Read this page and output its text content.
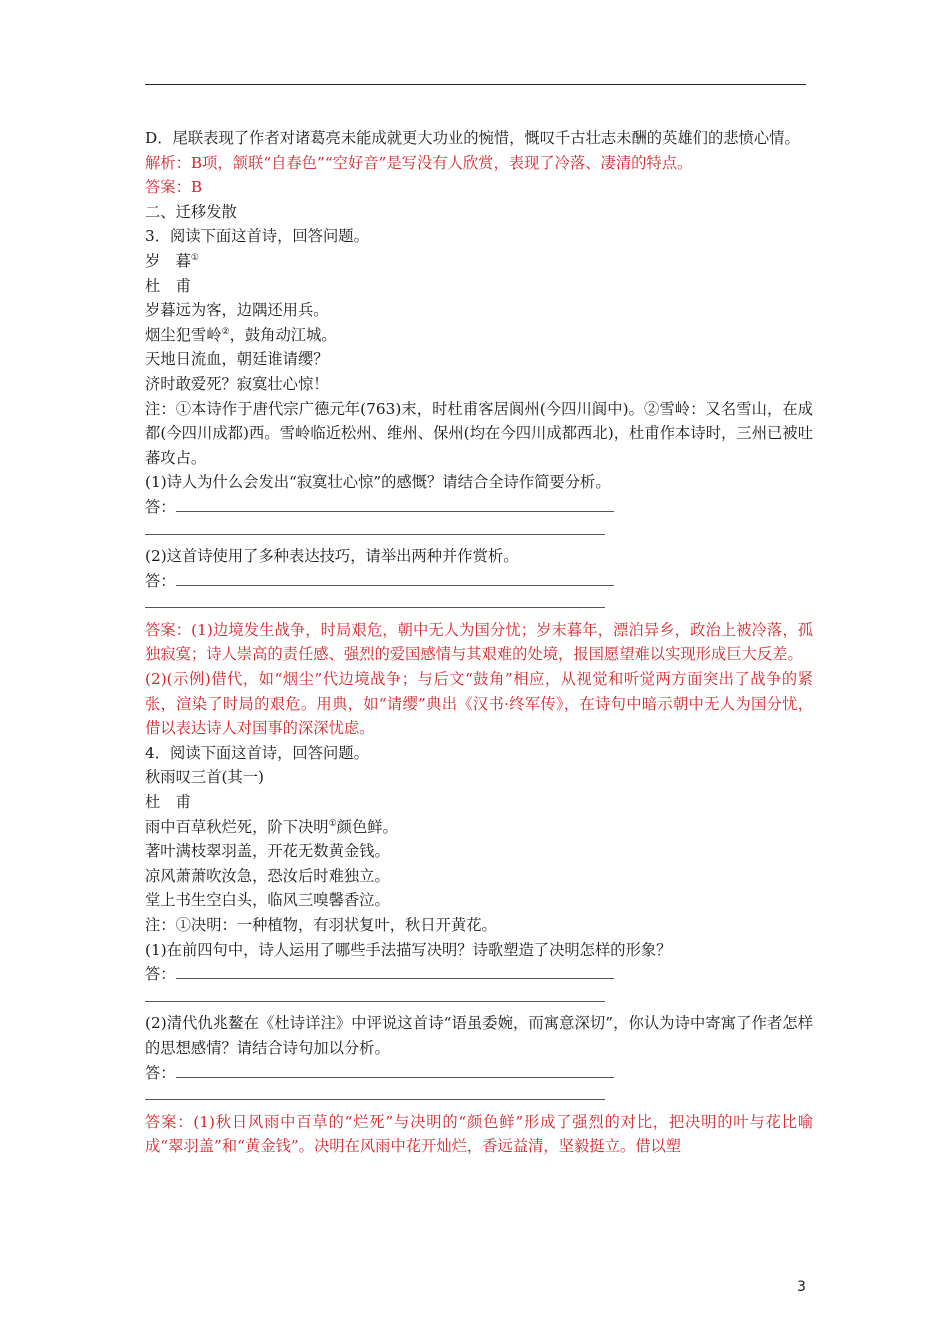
D．尾联表现了作者对诸葛亮未能成就更大功业的惋惜，慨叹千古壮志未酬的英雄们的悲愤心情。
解析：B项，颔联“自春色”“空好音”是写没有人欣赏，表现了冷落、凄清的特点。
答案：B
二、迁移发散
3．阅读下面这首诗，回答问题。
岁　暮①
杜　甫
岁暮远为客，边隅还用兵。
烟尘犯雪岭②，鼓角动江城。
天地日流血，朝廷谁请缨？
济时敢爱死？寂寞壮心惊！
注：①本诗作于唐代宗广德元年(763)末，时杜甫客居阆州(今四川阆中)。②雪岭：又名雪山，在成都(今四川成都)西。雪岭临近松州、维州、保州(均在今四川成都西北)，杜甫作本诗时，三州已被吐蕃攻占。
(1)诗人为什么会发出“寂寞壮心惊”的感慨？请结合全诗作简要分析。
答：
(2)这首诗使用了多种表达技巧，请举出两种并作赏析。
答：
答案：(1)边境发生战争，时局艰危，朝中无人为国分忧；岁末暮年，漂泊异乡，政治上被冷落，孤独寂寞；诗人崇高的责任感、强烈的爱国感情与其艰难的处境，报国愿望难以实现形成巨大反差。
(2)(示例)借代，如“烟尘”代边境战争；与后文“鼓角”相应，从视觉和听觉两方面突出了战争的紧张，渲染了时局的艰危。用典，如“请缨”典出《汉书·终军传》，在诗句中暗示朝中无人为国分忧，借以表达诗人对国事的深深忧虑。
4．阅读下面这首诗，回答问题。
秋雨叹三首(其一)
杜　甫
雨中百草秋烂死，阶下决明①颜色鲜。
著叶满枝翠羽盖，开花无数黄金钱。
凉风萧萧吹汝急，恐汝后时难独立。
堂上书生空白头，临风三嗅馨香泣。
注：①决明：一种植物，有羽状复叶，秋日开黄花。
(1)在前四句中，诗人运用了哪些手法描写决明？诗歌塑造了决明怎样的形象？
答：
(2)清代仇兆鳌在《杜诗详注》中评说这首诗“语虽委婉，而寓意深切”，你认为诗中寄寓了作者怎样的思想感情？请结合诗句加以分析。
答：
答案：(1)秋日风雨中百草的“烂死”与决明的“颜色鲜”形成了强烈的对比，把决明的叶与花比喻成“翠羽盖”和“黄金钱”。决明在风雨中花开灿烂，香远益清，坚毅挺立。借以塑
3
